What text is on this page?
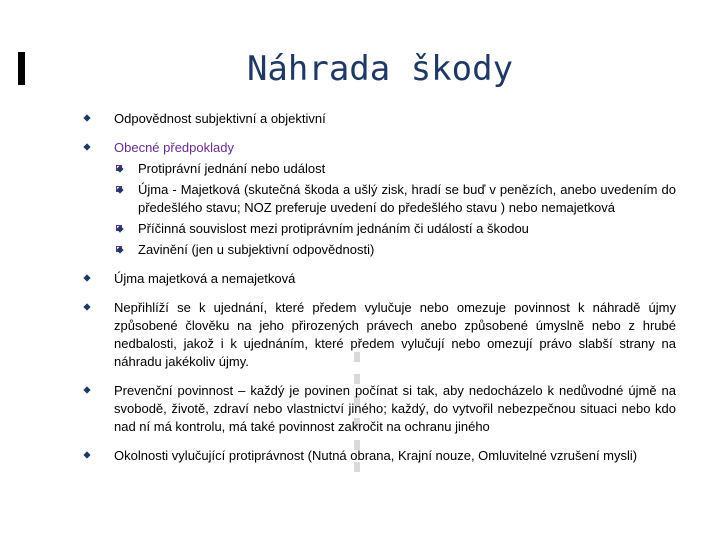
Náhrada škody
Odpovědnost subjektivní a objektivní
Obecné předpoklady
Protiprávní jednání nebo událost
Újma - Majetková (skutečná škoda a ušlý zisk, hradí se buď v penězích, anebo uvedením do předešlého stavu; NOZ preferuje uvedení do předešlého stavu ) nebo nemajetková
Příčinná souvislost mezi protiprávním jednáním či událostí a škodou
Zavinění (jen u subjektivní odpovědnosti)
Újma majetková a nemajetková
Nepřihlíží se k ujednání, které předem vylučuje nebo omezuje povinnost k náhradě újmy způsobené člověku na jeho přirozených právech anebo způsobené úmyslně nebo z hrubé nedbalosti, jakož i k ujednáním, které předem vylučují nebo omezují právo slabší strany na náhradu jakékoliv újmy.
Prevenční povinnost – každý je povinen počínat si tak, aby nedocházelo k nedůvodné újmě na svobodě, životě, zdraví nebo vlastnictví jiného; každý, do vytvořil nebezpečnou situaci nebo kdo nad ní má kontrolu, má také povinnost zakročit na ochranu jiného
Okolnosti vylučující protiprávnost (Nutná obrana, Krajní nouze, Omluvitelné vzrušení mysli)
